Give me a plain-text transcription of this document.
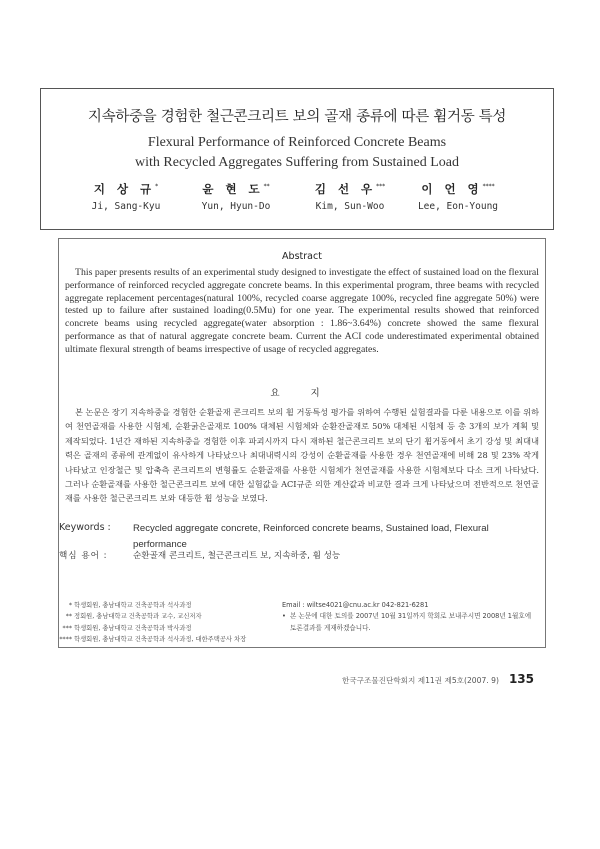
지속하중을 경험한 철근콘크리트 보의 골재 종류에 따른 휨거동 특성
Flexural Performance of Reinforced Concrete Beams
with Recycled Aggregates Suffering from Sustained Load
지 상 규*
Ji, Sang-Kyu
윤 현 도**
Yun, Hyun-Do
김 선 우***
Kim, Sun-Woo
이 언 영****
Lee, Eon-Young
Abstract

This paper presents results of an experimental study designed to investigate the effect of sustained load on the flexural performance of reinforced recycled aggregate concrete beams. In this experimental program, three beams with recycled aggregate replacement percentages(natural 100%, recycled coarse aggregate 100%, recycled fine aggregate 50%) were tested up to failure after sustained loading(0.5Mu) for one year. The experimental results showed that reinforced concrete beams using recycled aggregate(water absorption : 1.86~3.64%) concrete showed the same flexural performance as that of natural aggregate concrete beam. Current the ACI code underestimated experimental obtained ultimate flexural strength of beams irrespective of usage of recycled aggregates.

요 지

본 논문은 장기 지속하중을 경험한 순환골재 콘크리트 보의 휨 거동특성 평가를 위하여 수행된 실험결과를 다룬 내용으로 이를 위하여 천연골재를 사용한 시험체, 순환굵은골재로 100% 대체된 시험체와 순환잔골재로 50% 대체된 시험체 등 총 3개의 보가 계획 및 제작되었다. 1년간 재하된 지속하중을 경험한 이후 파괴시까지 다시 재하된 철근콘크리트 보의 단기 휨거동에서 초기 강성 및 최대내력은 골재의 종류에 관계없이 유사하게 나타났으나 최대내력시의 강성이 순환골재를 사용한 경우 천연골재에 비해 28 및 23% 작게 나타났고 인장철근 및 압축측 콘크리트의 변형률도 순환골재를 사용한 시험체가 천연골재를 사용한 시험체보다 다소 크게 나타났다. 그러나 순환골재를 사용한 철근콘크리트 보에 대한 실험값을 ACI규준 의한 계산값과 비교한 결과 크게 나타났으며 전반적으로 천연골재를 사용한 철근콘크리트 보와 대등한 휨 성능을 보였다.

Keywords : Recycled aggregate concrete, Reinforced concrete beams, Sustained load, Flexural performance
핵심 용어 :	순환골재 콘크리트, 철근콘크리트 보, 지속하중, 휨 성능
* 학생회원, 충남대학교 건축공학과 석사과정
** 정회원, 충남대학교 건축공학과 교수, 교신저자
*** 학생회원, 충남대학교 건축공학과 박사과정
**** 학생회원, 충남대학교 건축공학과 석사과정, 대한주택공사 차장
Email : wiltse4021@cnu.ac.kr 042-821-6281
• 본 논문에 대한 토의를 2007년 10월 31일까지 학회로 보내주시면 2008년 1월호에 토론결과를 게재하겠습니다.
한국구조물진단학회지 제11권 제5호(2007. 9) 135
